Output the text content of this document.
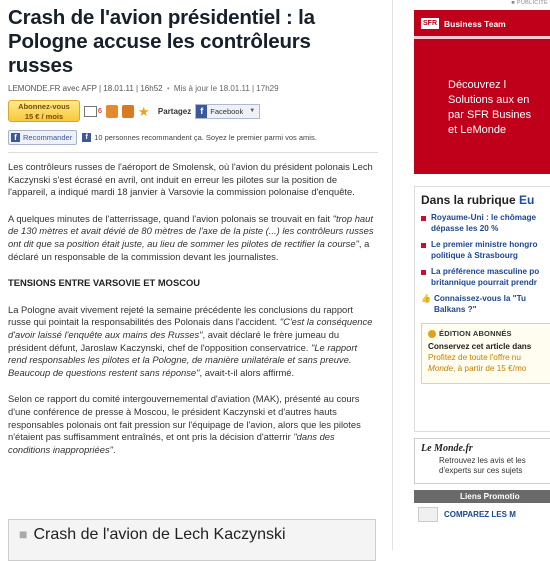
Crash de l'avion présidentiel : la Pologne accuse les contrôleurs russes
LEMONDE.FR avec AFP | 18.01.11 | 16h52 • Mis à jour le 18.01.11 | 17h29
Abonnez-vous
15 € / mois
6	★ Partagez	f Facebook ▼
f Recommander	f 10 personnes recommandent ça. Soyez le premier parmi vos amis.

Les contrôleurs russes de l'aéroport de Smolensk, où l'avion du président polonais Lech Kaczynski s'est écrasé en avril, ont induit en erreur les pilotes sur la position de l'appareil, a indiqué mardi 18 janvier à Varsovie la commission polonaise d'enquête.

A quelques minutes de l'atterrissage, quand l'avion polonais se trouvait en fait "trop haut de 130 mètres et avait dévié de 80 mètres de l'axe de la piste (...) les contrôleurs russes ont dit que sa position était juste, au lieu de sommer les pilotes de rectifier la course", a déclaré un responsable de la commission devant les journalistes.

TENSIONS ENTRE VARSOVIE ET MOSCOU

La Pologne avait vivement rejeté la semaine précédente les conclusions du rapport russe qui pointait la responsabilités des Polonais dans l'accident. "C'est la conséquence d'avoir laissé l'enquête aux mains des Russes", avait déclaré le frère jumeau du président défunt, Jaroslaw Kaczynski, chef de l'opposition conservatrice. "Le rapport rend responsables les pilotes et la Pologne, de manière unilatérale et sans preuve. Beaucoup de questions restent sans réponse", avait-t-il alors affirmé.

Selon ce rapport du comité intergouvernemental d'aviation (MAK), présenté au cours d'une conférence de presse à Moscou, le président Kaczynski et d'autres hauts responsables polonais ont fait pression sur l'équipage de l'avion, alors que les pilotes n'étaient pas suffisamment entraînés, et ont pris la décision d'atterrir "dans des conditions inappropriées".

■ Crash de l'avion de Lech Kaczynski
■ PUBLICITÉ
SFR Business Team
Découvrez l
Solutions aux en
par SFR Busines
et LeMonde
Dans la rubrique Eu
Royaume-Uni : le chômage
dépasse les 20 %
Le premier ministre hongro
politique à Strasbourg
La préférence masculine po
britannique pourrait prendr
👍 Connaissez-vous la "Tu
Balkans ?"
ÉDITION ABONNÉS
Conservez cet article dans
Profitez de toute l'offre nu
Monde, à partir de 15 €/mo
Le Monde.fr
Retrouvez les avis et les
d'experts sur ces sujets
Liens Promotio
COMPAREZ LES M
